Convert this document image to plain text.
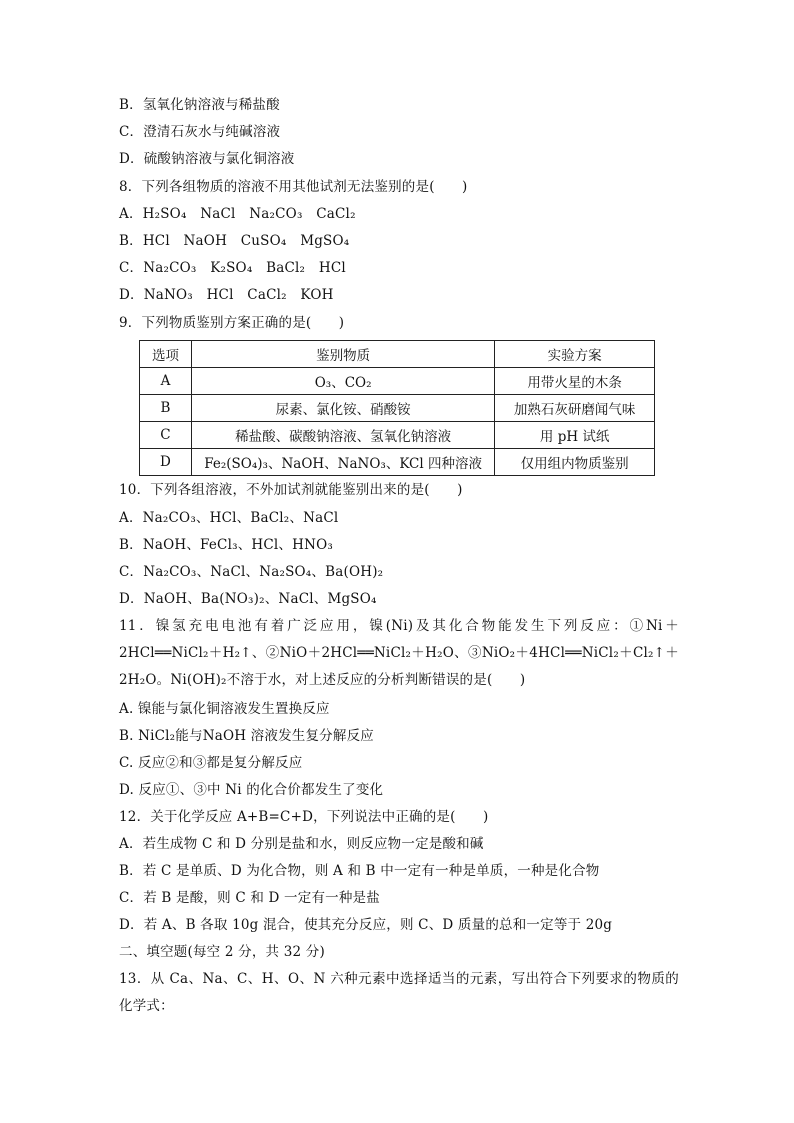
B．氢氧化钠溶液与稀盐酸
C．澄清石灰水与纯碱溶液
D．硫酸钠溶液与氯化铜溶液
8．下列各组物质的溶液不用其他试剂无法鉴别的是(　　)
A．H₂SO₄　NaCl　Na₂CO₃　CaCl₂
B．HCl　NaOH　CuSO₄　MgSO₄
C．Na₂CO₃　K₂SO₄　BaCl₂　HCl
D．NaNO₃　HCl　CaCl₂　KOH
9．下列物质鉴别方案正确的是(　　)
选项	鉴别物质	实验方案
A	O₃、CO₂	用带火星的木条
B	尿素、氯化铵、硝酸铵	加熟石灰研磨闻气味
C	稀盐酸、碳酸钠溶液、氢氧化钠溶液	用 pH 试纸
D	Fe₂(SO₄)₃、NaOH、NaNO₃、KCl 四种溶液	仅用组内物质鉴别
10．下列各组溶液，不外加试剂就能鉴别出来的是(　　)
A．Na₂CO₃、HCl、BaCl₂、NaCl
B．NaOH、FeCl₃、HCl、HNO₃
C．Na₂CO₃、NaCl、Na₂SO₄、Ba(OH)₂
D．NaOH、Ba(NO₃)₂、NaCl、MgSO₄
11．镍氢充电电池有着广泛应用，镍(Ni)及其化合物能发生下列反应：①Ni＋2HCl══NiCl₂＋H₂↑、②NiO＋2HCl══NiCl₂＋H₂O、③NiO₂＋4HCl══NiCl₂＋Cl₂↑＋2H₂O。Ni(OH)₂不溶于水，对上述反应的分析判断错误的是(　　)
A. 镍能与氯化铜溶液发生置换反应
B. NiCl₂能与NaOH 溶液发生复分解反应
C. 反应②和③都是复分解反应
D. 反应①、③中 Ni 的化合价都发生了变化
12．关于化学反应 A+B=C+D，下列说法中正确的是(　　)
A．若生成物 C 和 D 分别是盐和水，则反应物一定是酸和碱
B．若 C 是单质、D 为化合物，则 A 和 B 中一定有一种是单质，一种是化合物
C．若 B 是酸，则 C 和 D 一定有一种是盐
D．若 A、B 各取 10g 混合，使其充分反应，则 C、D 质量的总和一定等于 20g
二、填空题(每空 2 分，共 32 分)
13．从 Ca、Na、C、H、O、N 六种元素中选择适当的元素，写出符合下列要求的物质的化学式：
